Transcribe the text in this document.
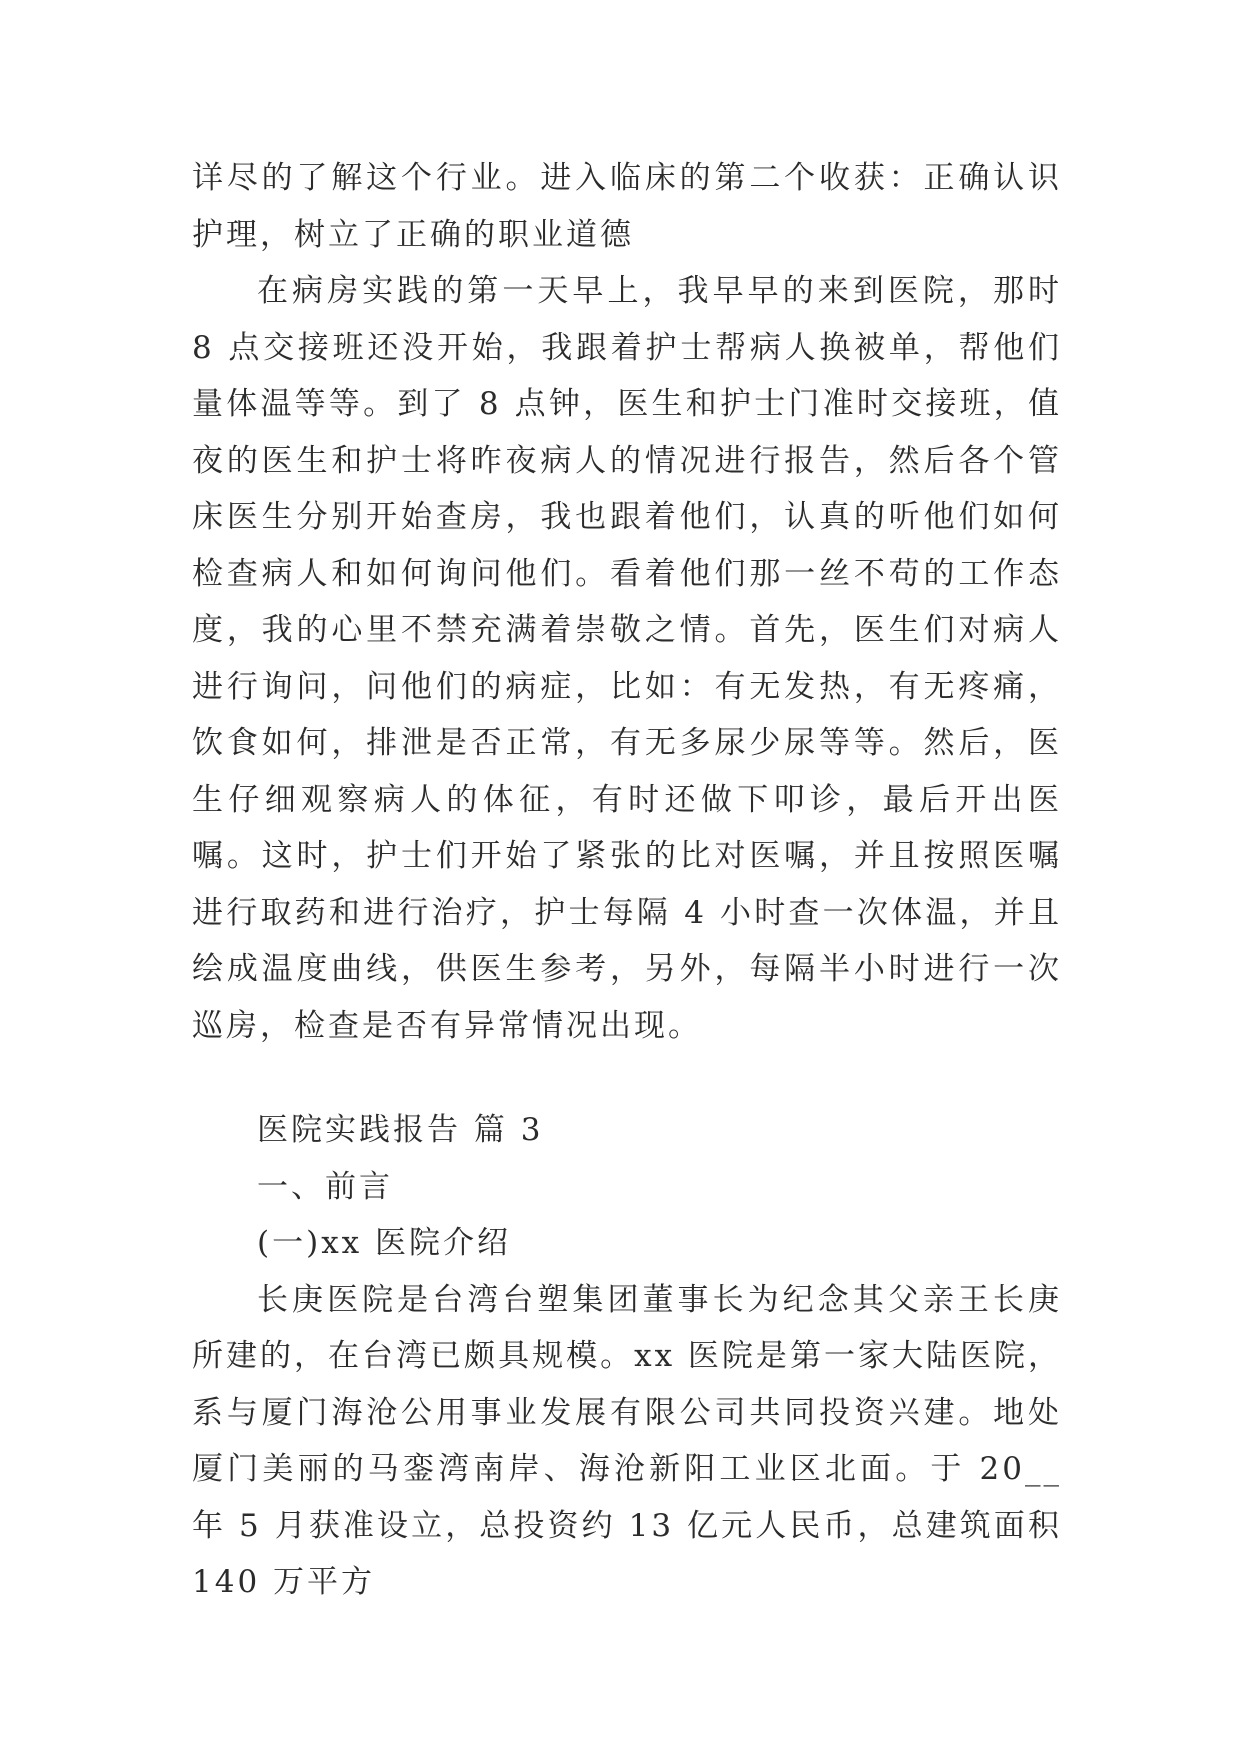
详尽的了解这个行业。进入临床的第二个收获：正确认识护理，树立了正确的职业道德

在病房实践的第一天早上，我早早的来到医院，那时 8 点交接班还没开始，我跟着护士帮病人换被单，帮他们量体温等等。到了 8 点钟，医生和护士门准时交接班，值夜的医生和护士将昨夜病人的情况进行报告，然后各个管床医生分别开始查房，我也跟着他们，认真的听他们如何检查病人和如何询问他们。看着他们那一丝不苟的工作态度，我的心里不禁充满着崇敬之情。首先，医生们对病人进行询问，问他们的病症，比如：有无发热，有无疼痛，饮食如何，排泄是否正常，有无多尿少尿等等。然后，医生仔细观察病人的体征，有时还做下叩诊，最后开出医嘱。这时，护士们开始了紧张的比对医嘱，并且按照医嘱进行取药和进行治疗，护士每隔 4 小时查一次体温，并且绘成温度曲线，供医生参考，另外，每隔半小时进行一次巡房，检查是否有异常情况出现。

医院实践报告 篇 3

一、前言

(一)xx 医院介绍

长庚医院是台湾台塑集团董事长为纪念其父亲王长庚所建的，在台湾已颇具规模。xx 医院是第一家大陆医院，系与厦门海沧公用事业发展有限公司共同投资兴建。地处厦门美丽的马銮湾南岸、海沧新阳工业区北面。于 20__年 5 月获准设立，总投资约 13 亿元人民币，总建筑面积 140 万平方
